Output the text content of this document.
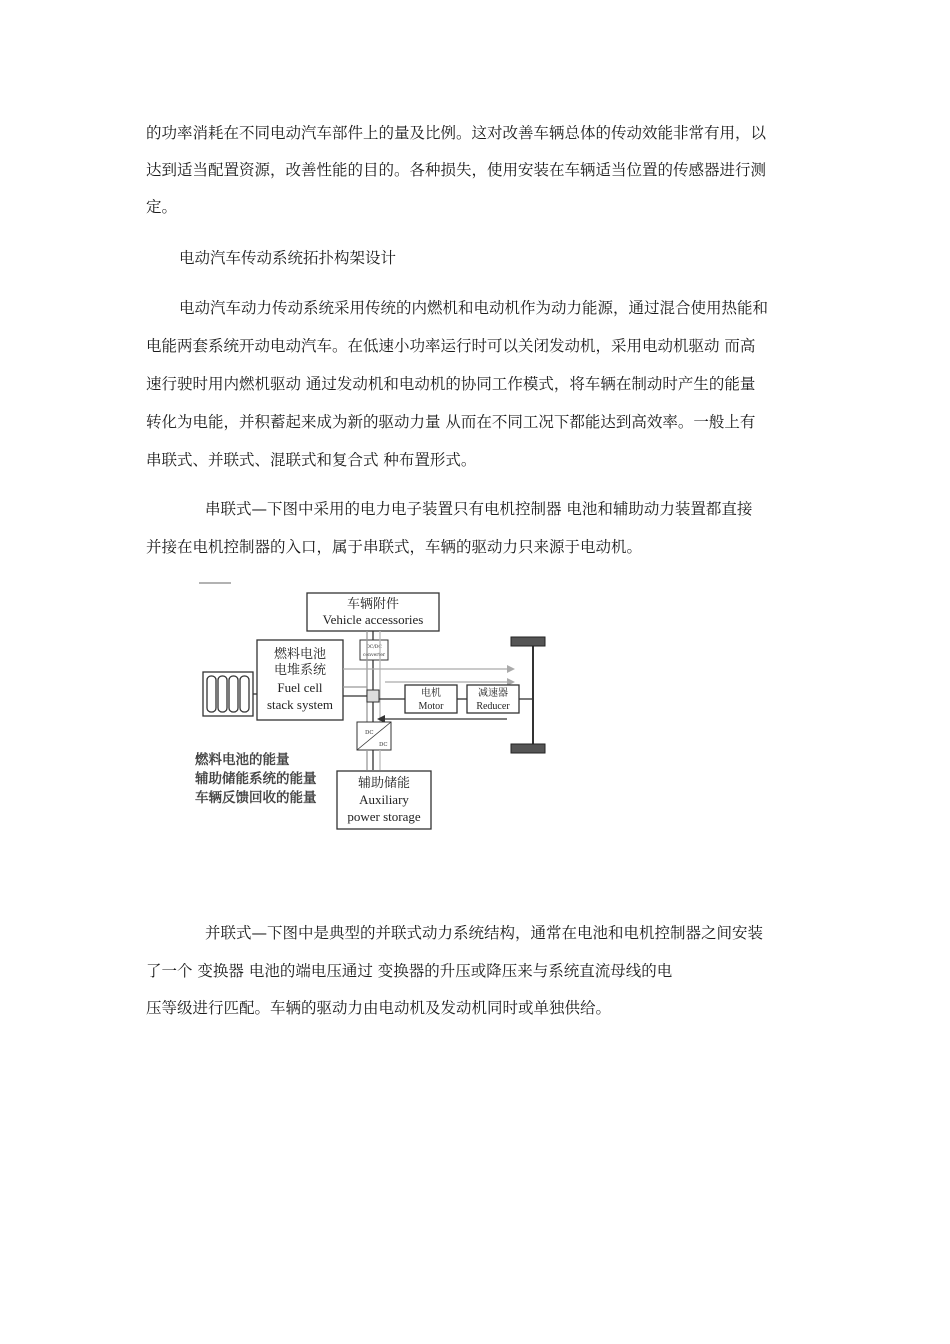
的功率消耗在不同电动汽车部件上的量及比例。这对改善车辆总体的传动效能非常有用，以
达到适当配置资源，改善性能的目的。各种损失，使用安装在车辆适当位置的传感器进行测
定。
电动汽车传动系统拓扑构架设计
电动汽车动力传动系统采用传统的内燃机和电动机作为动力能源，通过混合使用热能和
电能两套系统开动电动汽车。在低速小功率运行时可以关闭发动机，采用电动机驱动 而高
速行驶时用内燃机驱动 通过发动机和电动机的协同工作模式，将车辆在制动时产生的能量
转化为电能，并积蓄起来成为新的驱动力量 从而在不同工况下都能达到高效率。一般上有
串联式、并联式、混联式和复合式 种布置形式。
串联式—下图中采用的电力电子装置只有电机控制器 电池和辅助动力装置都直接
并接在电机控制器的入口，属于串联式，车辆的驱动力只来源于电动机。
车辆附件
Vehicle accessories
燃料电池
电堆系统
Fuel cell
stack system
DC/DC
converter
电机
Motor
减速器
Reducer
DC
DC
辅助储能
Auxiliary
power storage
燃料电池的能量
辅助储能系统的能量
车辆反馈回收的能量
并联式—下图中是典型的并联式动力系统结构，通常在电池和电机控制器之间安装
了一个 变换器 电池的端电压通过 变换器的升压或降压来与系统直流母线的电
压等级进行匹配。车辆的驱动力由电动机及发动机同时或单独供给。
